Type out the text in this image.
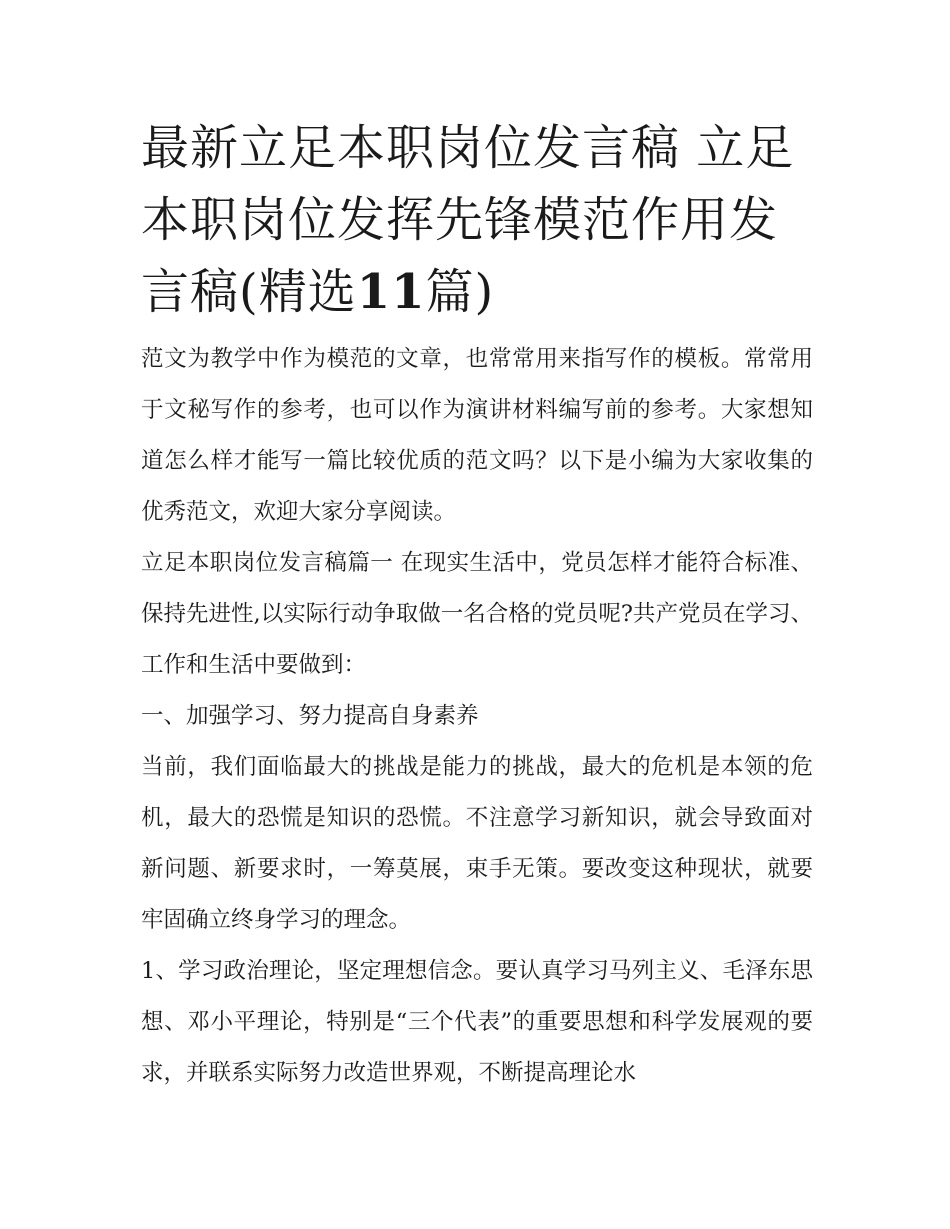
最新立足本职岗位发言稿 立足本职岗位发挥先锋模范作用发言稿(精选11篇)

范文为教学中作为模范的文章，也常常用来指写作的模板。常常用于文秘写作的参考，也可以作为演讲材料编写前的参考。大家想知道怎么样才能写一篇比较优质的范文吗？以下是小编为大家收集的优秀范文，欢迎大家分享阅读。

立足本职岗位发言稿篇一 在现实生活中，党员怎样才能符合标准、保持先进性,以实际行动争取做一名合格的党员呢?共产党员在学习、工作和生活中要做到：

一、加强学习、努力提高自身素养

当前，我们面临最大的挑战是能力的挑战，最大的危机是本领的危机，最大的恐慌是知识的恐慌。不注意学习新知识，就会导致面对新问题、新要求时，一筹莫展，束手无策。要改变这种现状，就要牢固确立终身学习的理念。

1、学习政治理论，坚定理想信念。要认真学习马列主义、毛泽东思想、邓小平理论，特别是“三个代表”的重要思想和科学发展观的要求，并联系实际努力改造世界观，不断提高理论水
